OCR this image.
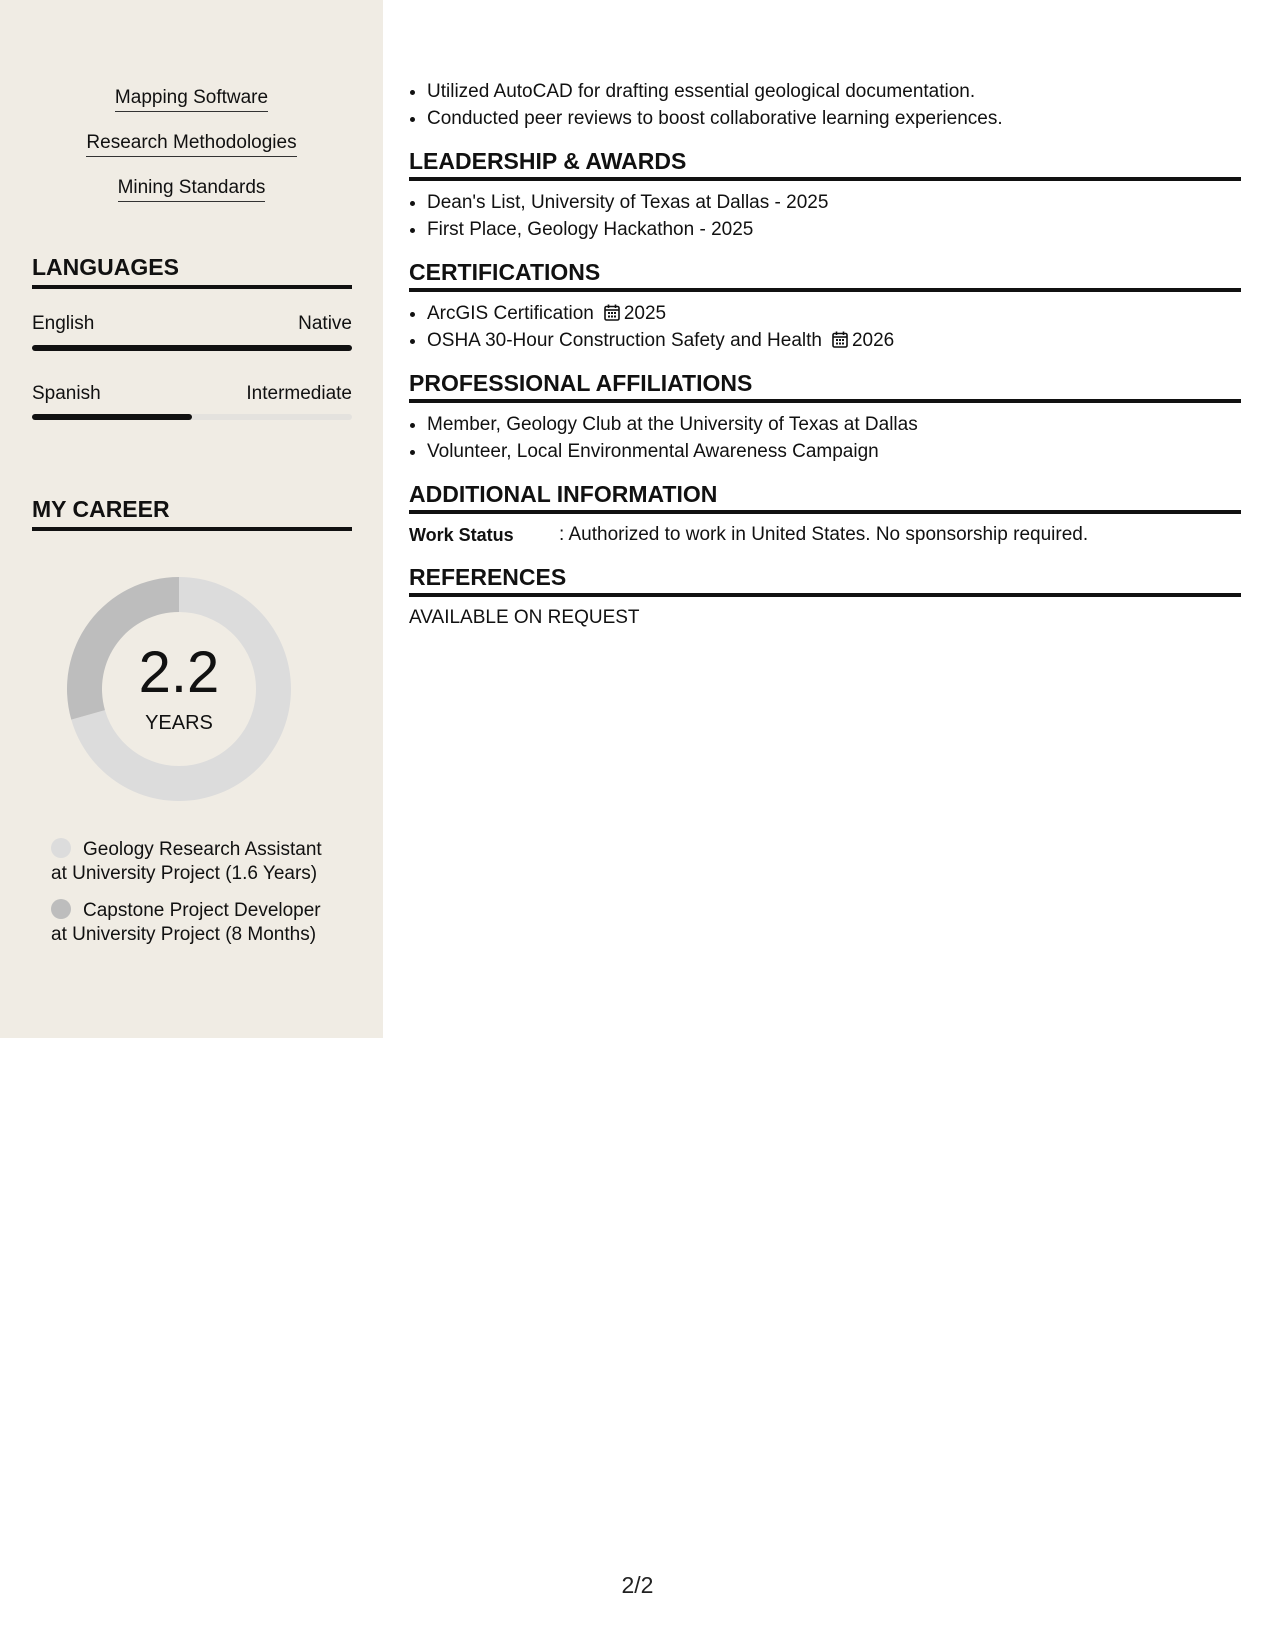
Mapping Software
Research Methodologies
Mining Standards
LANGUAGES
English	Native
Spanish	Intermediate
MY CAREER
2.2
YEARS
Geology Research Assistant
at University Project (1.6 Years)
Capstone Project Developer
at University Project (8 Months)
• Utilized AutoCAD for drafting essential geological documentation.
• Conducted peer reviews to boost collaborative learning experiences.
LEADERSHIP & AWARDS
• Dean's List, University of Texas at Dallas - 2025
• First Place, Geology Hackathon - 2025
CERTIFICATIONS
• ArcGIS Certification 2025
• OSHA 30-Hour Construction Safety and Health 2026
PROFESSIONAL AFFILIATIONS
• Member, Geology Club at the University of Texas at Dallas
• Volunteer, Local Environmental Awareness Campaign
ADDITIONAL INFORMATION
Work Status	: Authorized to work in United States. No sponsorship required.
REFERENCES
AVAILABLE ON REQUEST
2/2
